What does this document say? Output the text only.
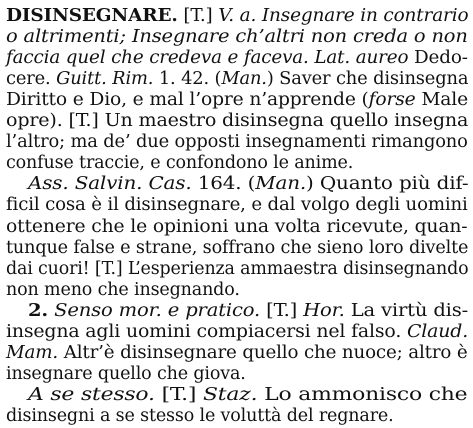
DISINSEGNARE. [T.] V. a. Insegnare in contrario
o altrimenti; Insegnare ch’altri non creda o non
faccia quel che credeva e faceva. Lat. aureo Dedo-
cere. Guitt. Rim. 1. 42. (Man.) Saver che disinsegna
Diritto e Dio, e mal l’opre n’apprende (forse Male
opre). [T.] Un maestro disinsegna quello insegna
l’altro; ma de’ due opposti insegnamenti rimangono
confuse traccie, e confondono le anime.
Ass. Salvin. Cas. 164. (Man.) Quanto più dif-
ficil cosa è il disinsegnare, e dal volgo degli uomini
ottenere che le opinioni una volta ricevute, quan-
tunque false e strane, soffrano che sieno loro divelte
dai cuori! [T.] L’esperienza ammaestra disinsegnando
non meno che insegnando.
2. Senso mor. e pratico. [T.] Hor. La virtù dis-
insegna agli uomini compiacersi nel falso. Claud.
Mam. Altr’è disinsegnare quello che nuoce; altro è
insegnare quello che giova.
A se stesso. [T.] Staz. Lo ammonisco che
disinsegni a se stesso le voluttà del regnare.
